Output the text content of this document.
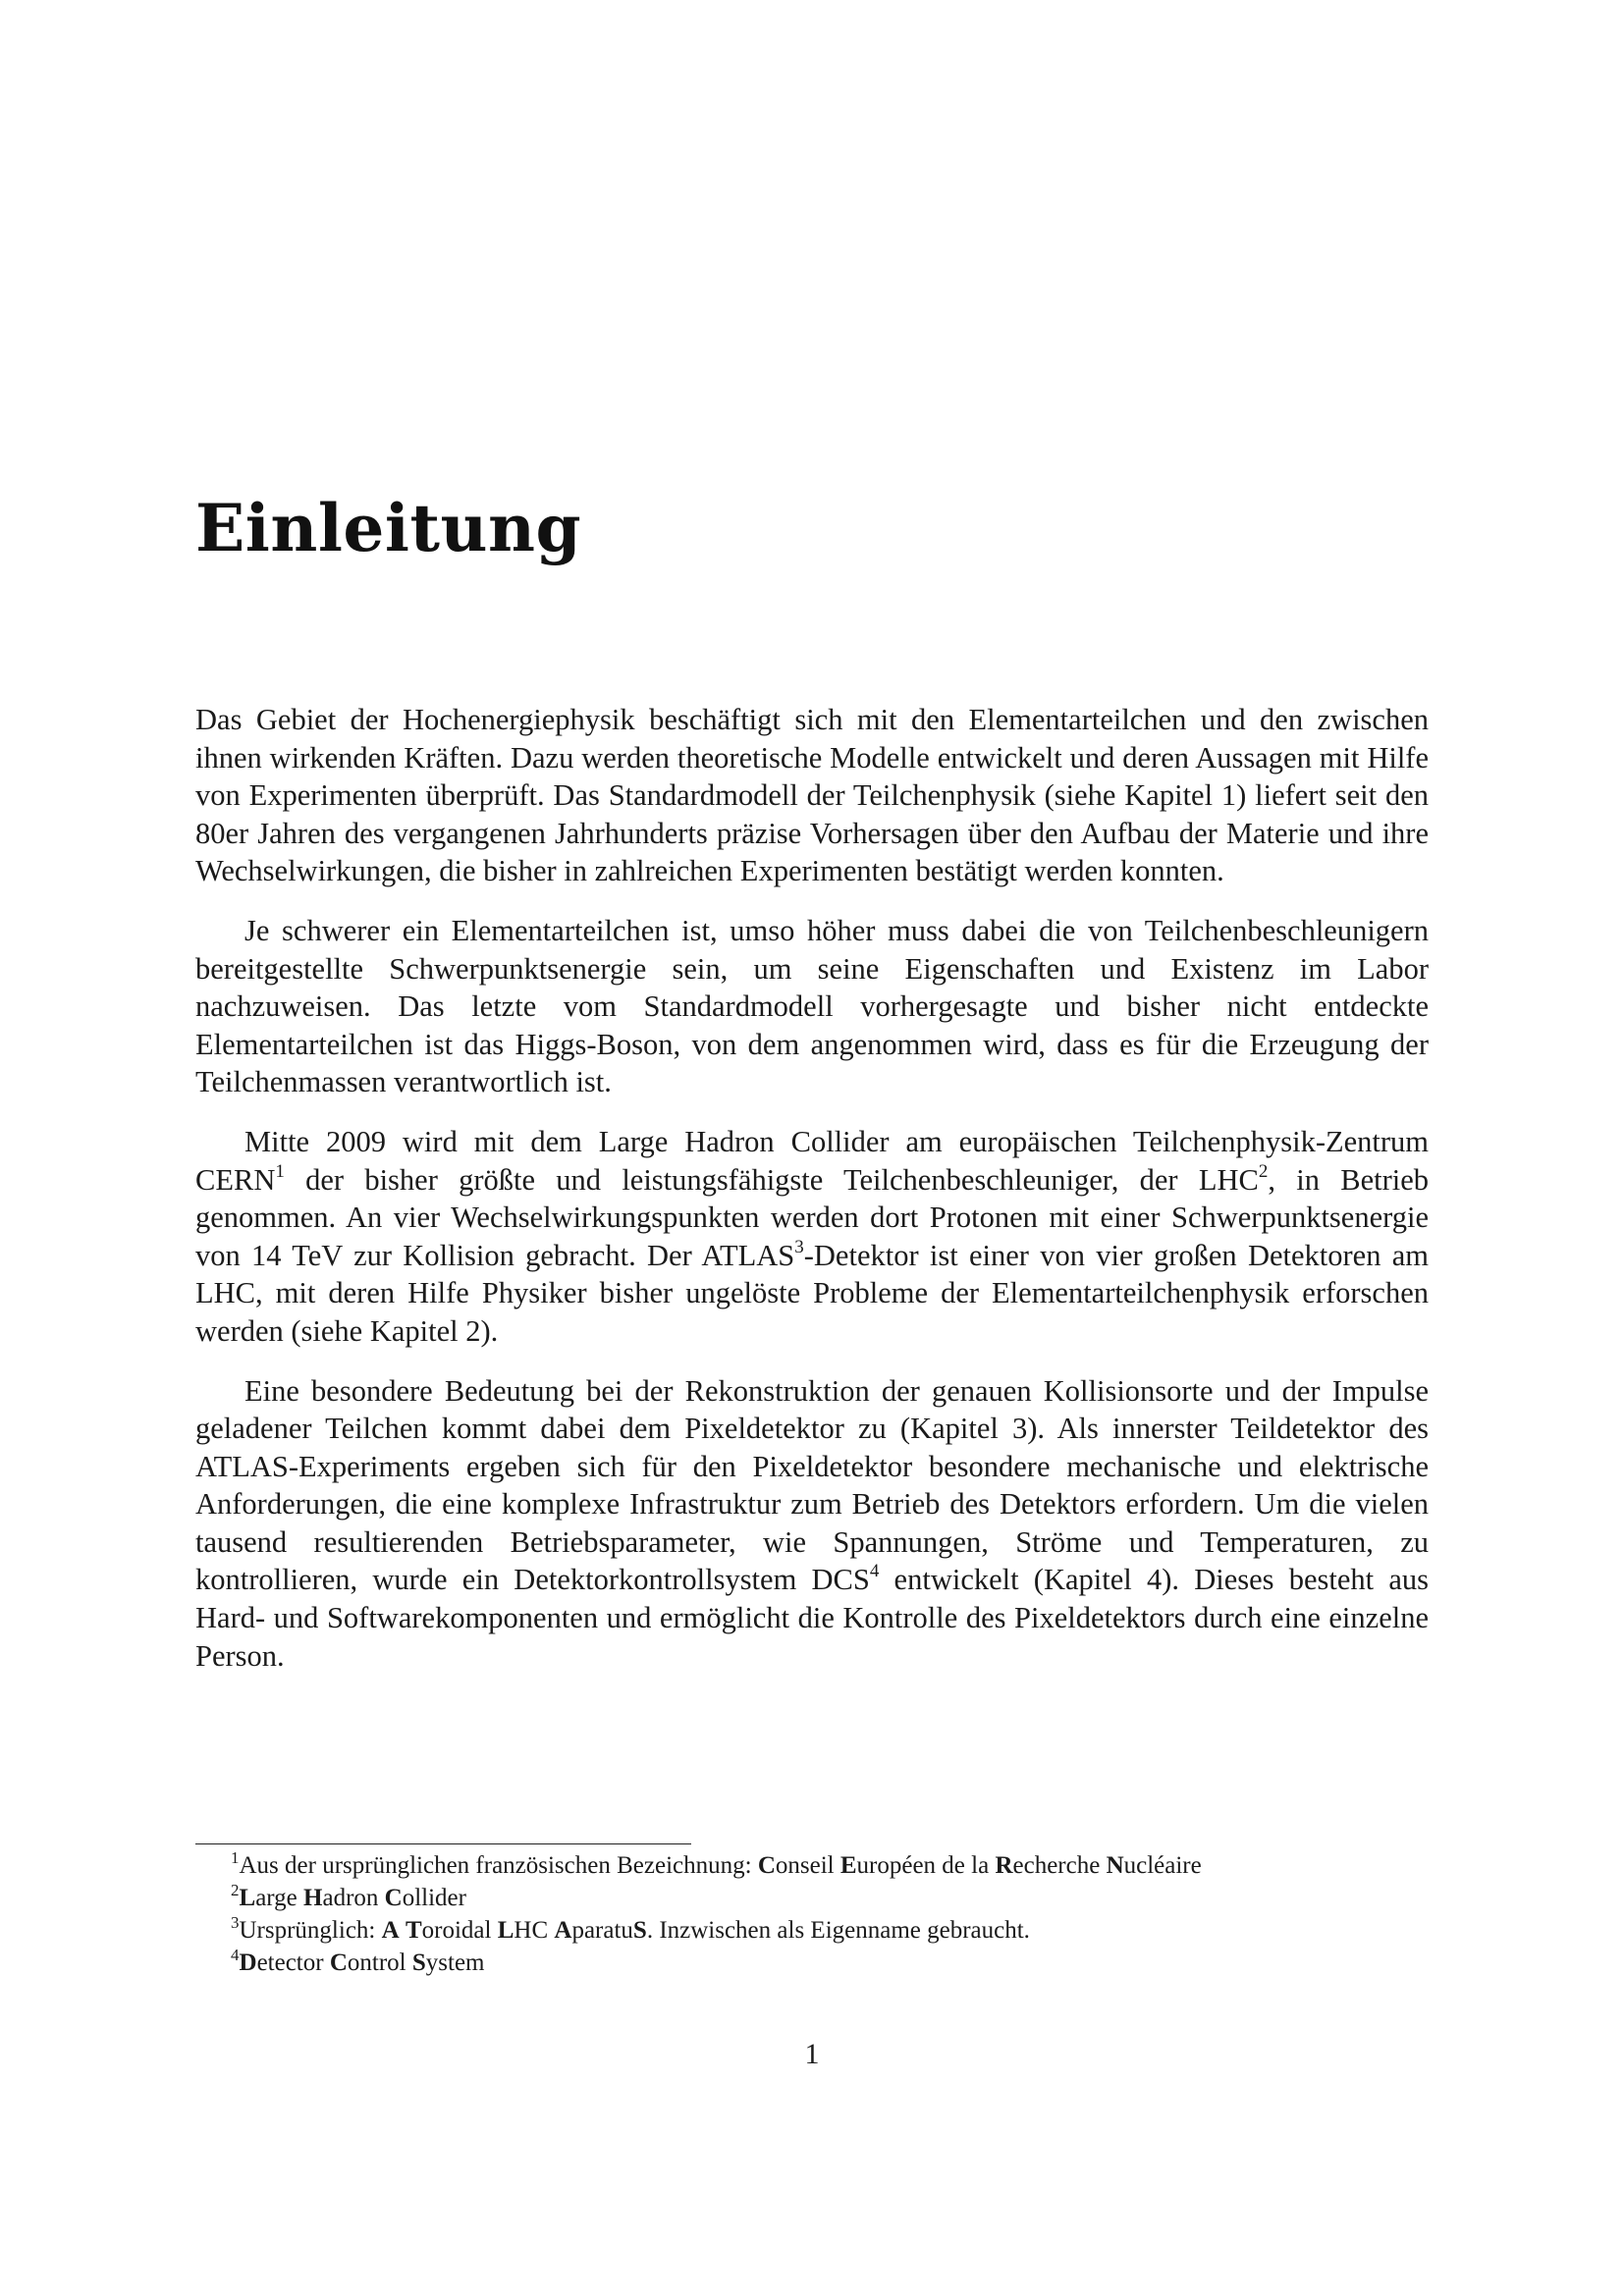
Einleitung

Das Gebiet der Hochenergiephysik beschäftigt sich mit den Elementarteilchen und den zwischen ihnen wirkenden Kräften. Dazu werden theoretische Modelle entwickelt und deren Aussagen mit Hilfe von Experimenten überprüft. Das Standardmodell der Teilchenphysik (siehe Kapitel 1) liefert seit den 80er Jahren des vergangenen Jahrhunderts präzise Vorhersagen über den Aufbau der Materie und ihre Wechselwirkungen, die bisher in zahlreichen Experimenten bestätigt werden konnten.

Je schwerer ein Elementarteilchen ist, umso höher muss dabei die von Teilchenbeschleunigern bereitgestellte Schwerpunktsenergie sein, um seine Eigenschaften und Existenz im Labor nachzuweisen. Das letzte vom Standardmodell vorhergesagte und bisher nicht entdeckte Elementarteilchen ist das Higgs-Boson, von dem angenommen wird, dass es für die Erzeugung der Teilchenmassen verantwortlich ist.

Mitte 2009 wird mit dem Large Hadron Collider am europäischen Teilchenphysik-Zentrum CERN$^1$ der bisher größte und leistungsfähigste Teilchenbeschleuniger, der LHC$^2$, in Betrieb genommen. An vier Wechselwirkungspunkten werden dort Protonen mit einer Schwerpunktsenergie von 14 TeV zur Kollision gebracht. Der ATLAS$^3$-Detektor ist einer von vier großen Detektoren am LHC, mit deren Hilfe Physiker bisher ungelöste Probleme der Elementarteilchenphysik erforschen werden (siehe Kapitel 2).

Eine besondere Bedeutung bei der Rekonstruktion der genauen Kollisionsorte und der Impulse geladener Teilchen kommt dabei dem Pixeldetektor zu (Kapitel 3). Als innerster Teildetektor des ATLAS-Experiments ergeben sich für den Pixeldetektor besondere mechanische und elektrische Anforderungen, die eine komplexe Infrastruktur zum Betrieb des Detektors erfordern. Um die vielen tausend resultierenden Betriebsparameter, wie Spannungen, Ströme und Temperaturen, zu kontrollieren, wurde ein Detektorkontrollsystem DCS$^4$ entwickelt (Kapitel 4). Dieses besteht aus Hard- und Softwarekomponenten und ermöglicht die Kontrolle des Pixeldetektors durch eine einzelne Person.

$^1$Aus der ursprünglichen französischen Bezeichnung: Conseil Européen de la Recherche Nucléaire

$^2$Large Hadron Collider

$^3$Ursprünglich: A Toroidal LHC AparatuS. Inzwischen als Eigenname gebraucht.

$^4$Detector Control System

1
